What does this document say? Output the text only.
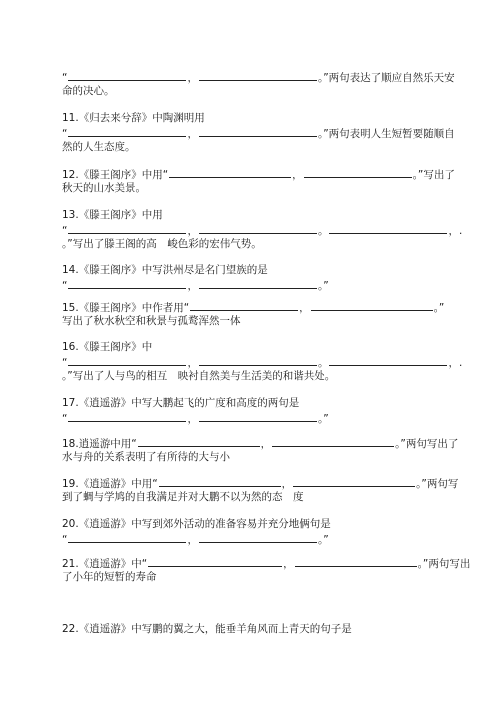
“	，	。”两句表达了顺应自然乐天安
命的决心。
11.《归去来兮辞》中陶渊明用
“	，	。”两句表明人生短暂要随顺自
然的人生态度。
12.《滕王阁序》中用“	，	。”写出了
秋天的山水美景。
13.《滕王阁序》中用
“	，	。	，.
。”写出了滕王阁的高　峻色彩的宏伟气势。
14.《滕王阁序》中写洪州尽是名门望族的是
“	，	。”
15.《滕王阁序》中作者用“	，	。”
写出了秋水秋空和秋景与孤鹜浑然一体
16.《滕王阁序》中
“	，	。	，.
。”写出了人与鸟的相互　映衬自然美与生活美的和谐共处。
17.《逍遥游》中写大鹏起飞的广度和高度的两句是
“	，	。”
18.逍遥游中用“	，	。”两句写出了
水与舟的关系表明了有所待的大与小
19.《逍遥游》中用“	，	。”两句写
到了蜩与学鸠的自我满足并对大鹏不以为然的态　度
20.《逍遥游》中写到郊外活动的准备容易并充分地俩句是
“	，	。”
21.《逍遥游》中“	，	。”两句写出
了小年的短暂的寿命
22.《逍遥游》中写鹏的翼之大，能垂羊角风而上青天的句子是
